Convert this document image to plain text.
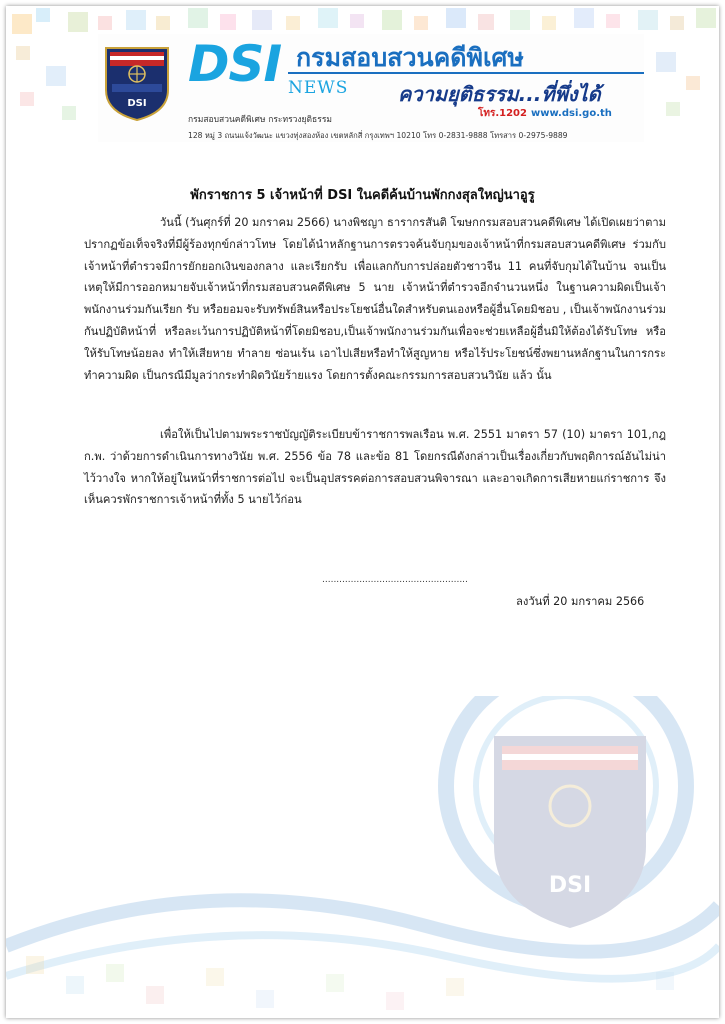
DSI
DSI NEWS
กรมสอบสวนคดีพิเศษ
ความยุติธรรม...ที่พึ่งได้
โทร.1202 www.dsi.go.th
กรมสอบสวนคดีพิเศษ กระทรวงยุติธรรม
128 หมู่ 3 ถนนแจ้งวัฒนะ แขวงทุ่งสองห้อง เขตหลักสี่ กรุงเทพฯ 10210 โทร 0-2831-9888 โทรสาร 0-2975-9889
พักราชการ 5 เจ้าหน้าที่ DSI ในคดีค้นบ้านพักกงสุลใหญ่นาอูรู
วันนี้ (วันศุกร์ที่ 20 มกราคม 2566) นางพิชญา ธารากรสันติ โฆษกกรมสอบสวนคดีพิเศษ ได้เปิดเผยว่าตามปรากฏข้อเท็จจริงที่มีผู้ร้องทุกข์กล่าวโทษ โดยได้นำหลักฐานการตรวจค้นจับกุมของเจ้าหน้าที่กรมสอบสวนคดีพิเศษ ร่วมกับเจ้าหน้าที่ตำรวจมีการยักยอกเงินของกลาง และเรียกรับ เพื่อแลกกับการปล่อยตัวชาวจีน 11 คนที่จับกุมได้ในบ้าน จนเป็นเหตุให้มีการออกหมายจับเจ้าหน้าที่กรมสอบสวนคดีพิเศษ 5 นาย เจ้าหน้าที่ตำรวจอีกจำนวนหนึ่ง ในฐานความผิดเป็นเจ้าพนักงานร่วมกันเรียก รับ หรือยอมจะรับทรัพย์สินหรือประโยชน์อื่นใดสำหรับตนเองหรือผู้อื่นโดยมิชอบ , เป็นเจ้าพนักงานร่วมกันปฏิบัติหน้าที่ หรือละเว้นการปฏิบัติหน้าที่โดยมิชอบ,เป็นเจ้าพนักงานร่วมกันเพื่อจะช่วยเหลือผู้อื่นมิให้ต้องได้รับโทษ หรือให้รับโทษน้อยลง ทำให้เสียหาย ทำลาย ซ่อนเร้น เอาไปเสียหรือทำให้สูญหาย หรือไร้ประโยชน์ซึ่งพยานหลักฐานในการกระทำความผิด เป็นกรณีมีมูลว่ากระทำผิดวินัยร้ายแรง โดยการตั้งคณะกรรมการสอบสวนวินัย แล้ว นั้น
เพื่อให้เป็นไปตามพระราชบัญญัติระเบียบข้าราชการพลเรือน พ.ศ. 2551 มาตรา 57 (10) มาตรา 101,กฎ ก.พ. ว่าด้วยการดำเนินการทางวินัย พ.ศ. 2556 ข้อ 78 และข้อ 81 โดยกรณีดังกล่าวเป็นเรื่องเกี่ยวกับพฤติการณ์อันไม่น่าไว้วางใจ หากให้อยู่ในหน้าที่ราชการต่อไป จะเป็นอุปสรรคต่อการสอบสวนพิจารณา และอาจเกิดการเสียหายแก่ราชการ จึงเห็นควรพักราชการเจ้าหน้าที่ทั้ง 5 นายไว้ก่อน
...................................................
ลงวันที่ 20 มกราคม 2566
DSI
